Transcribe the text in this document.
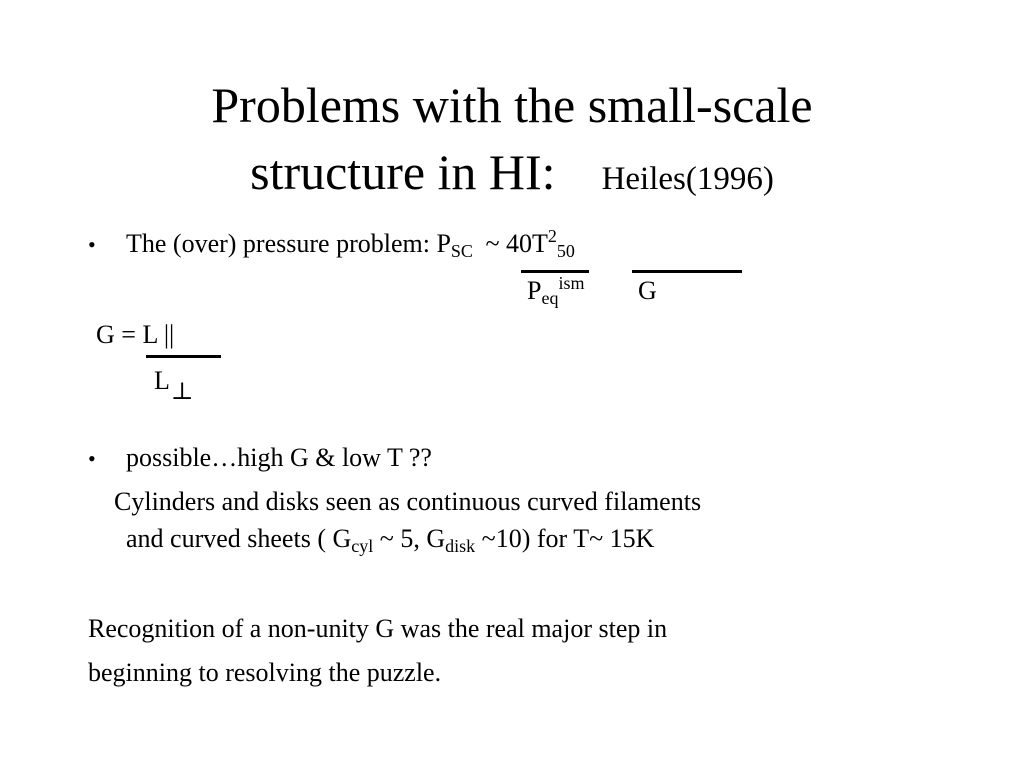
Problems with the small-scale
structure in HI: Heiles(1996)
• The (over) pressure problem: $P_{SC}$ ~ $40T^2_{50}$
$P_{eq}^{ism}$ G
G = L ||
L⊥
• possible…high G & low T ??
Cylinders and disks seen as continuous curved filaments
and curved sheets ( $G_{cyl}$ ~ 5, $G_{disk}$ ~10) for T~ 15K
Recognition of a non-unity G was the real major step in
beginning to resolving the puzzle.
